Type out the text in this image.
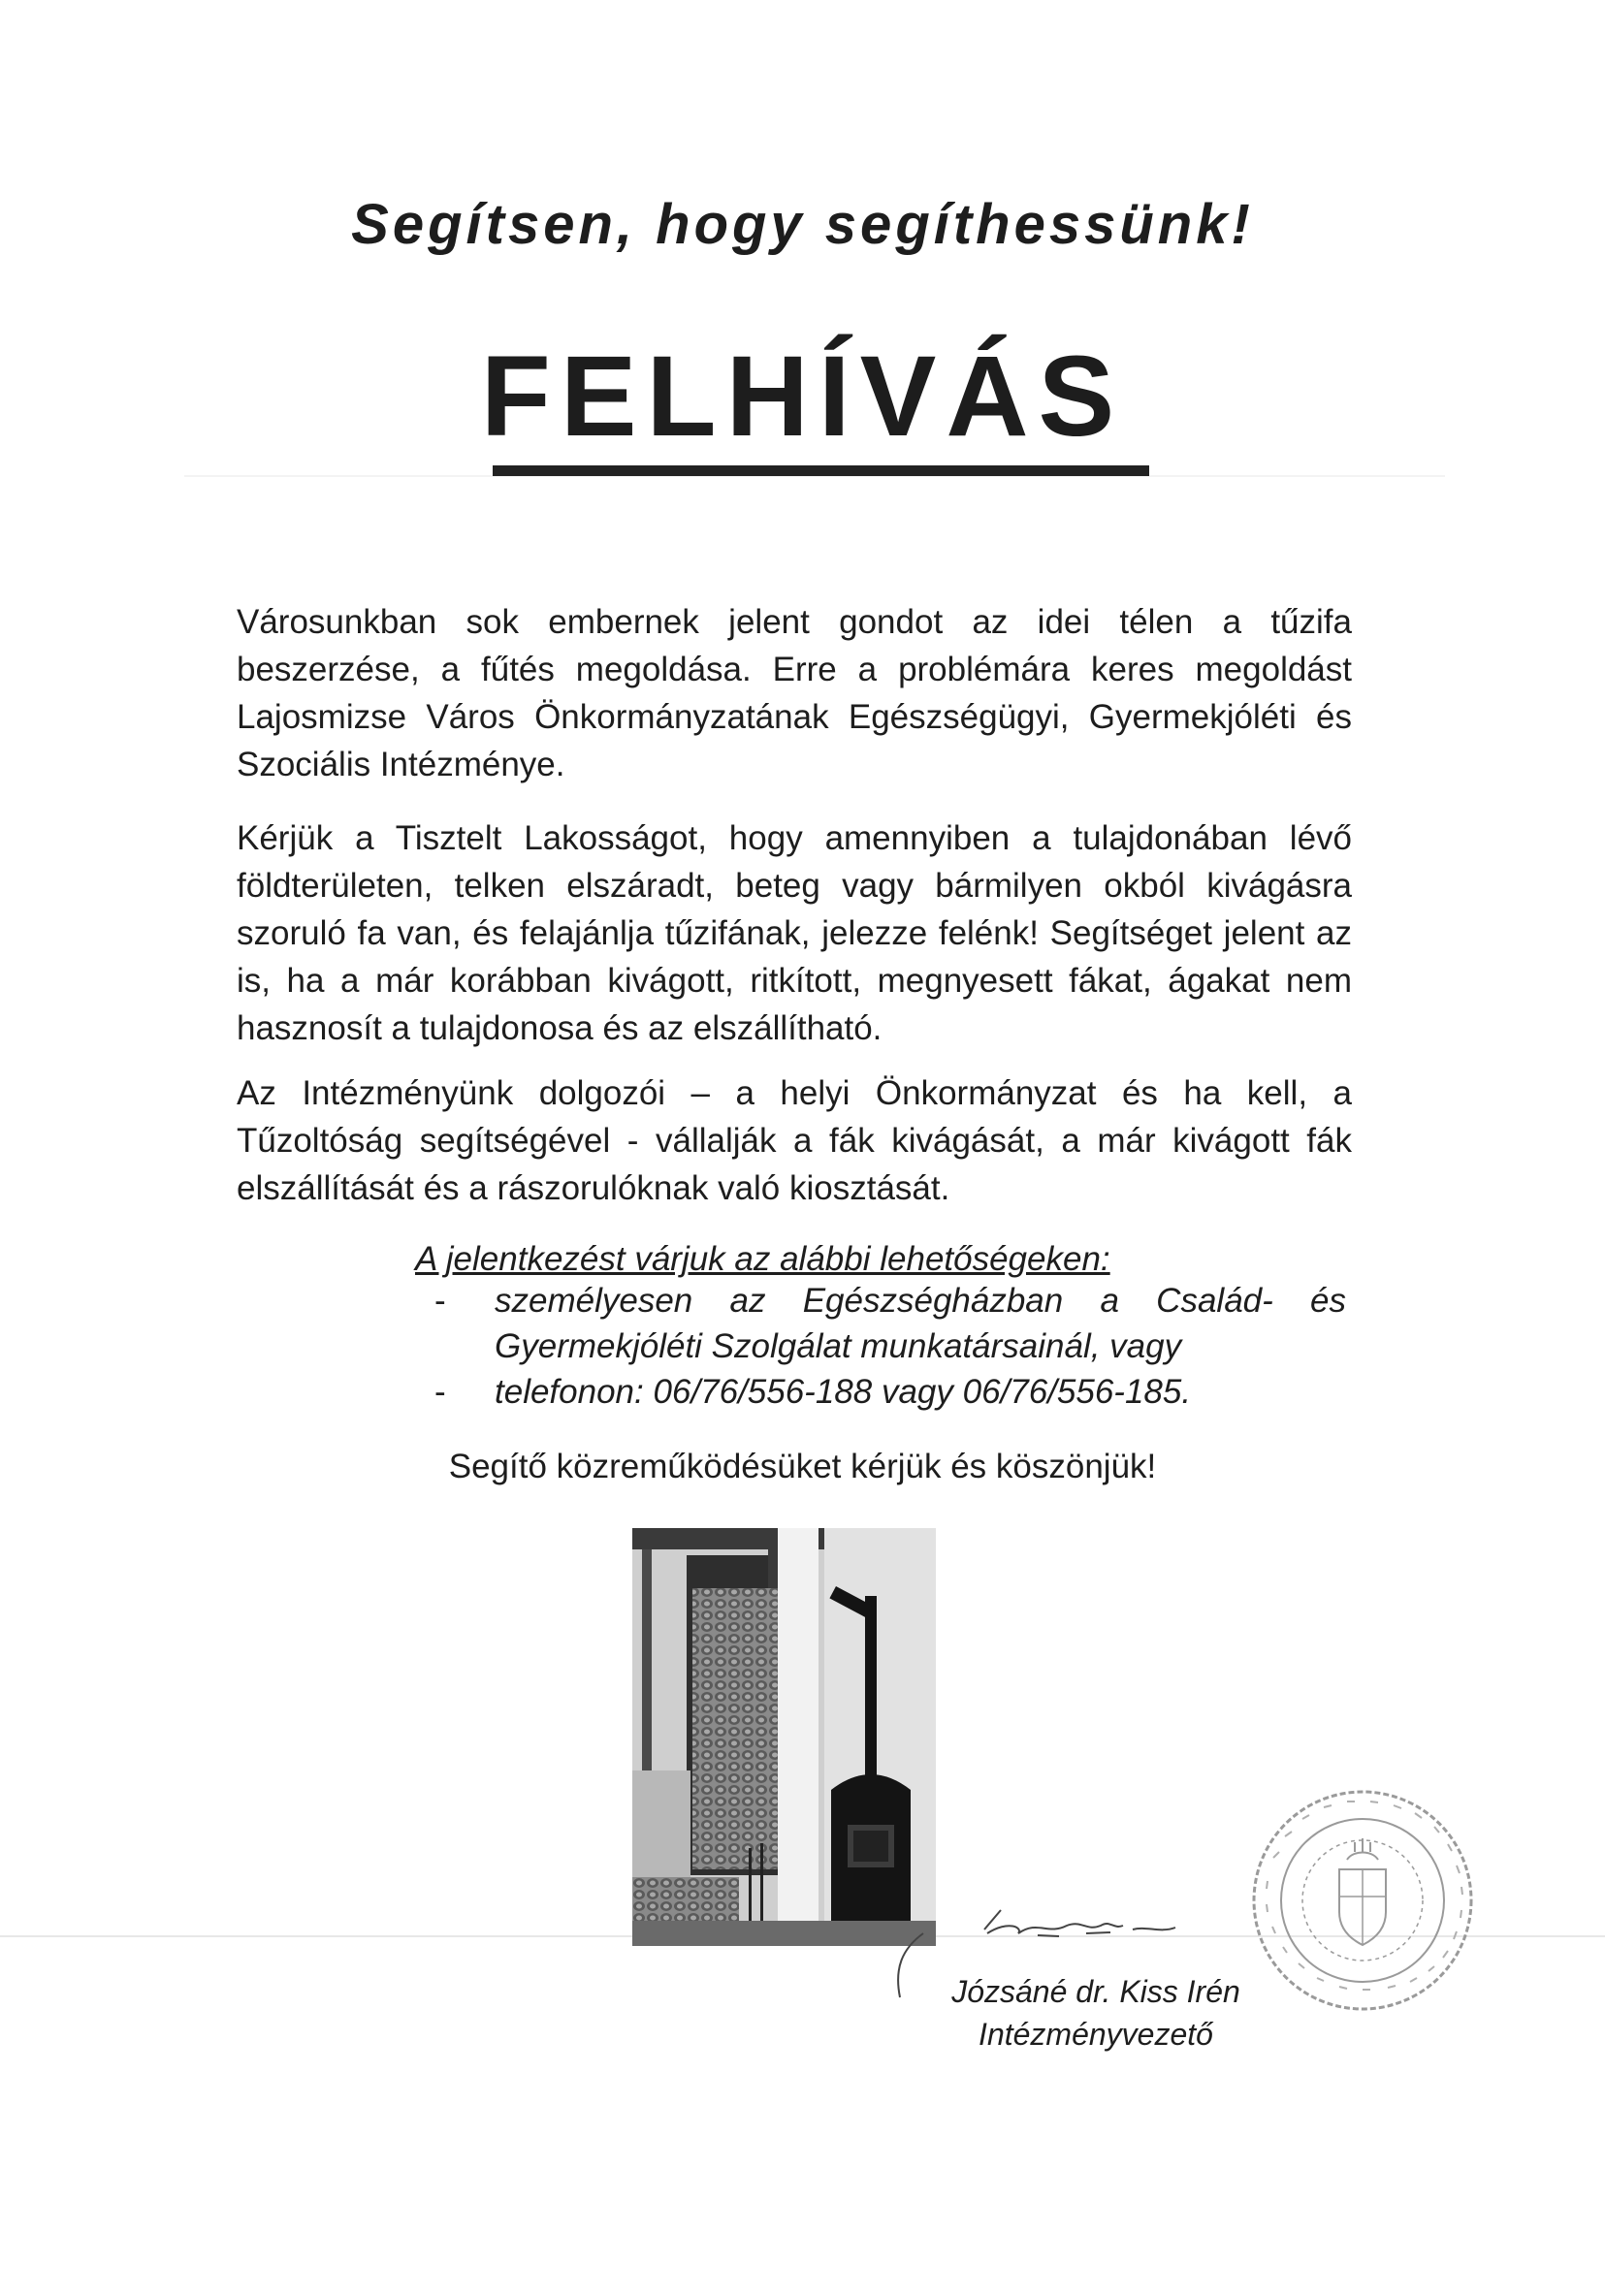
Segítsen, hogy segíthessünk!
FELHÍVÁS
Városunkban sok embernek jelent gondot az idei télen a tűzifa beszerzése, a fűtés megoldása. Erre a problémára keres megoldást Lajosmizse Város Önkormányzatának Egészségügyi, Gyermekjóléti és Szociális Intézménye.
Kérjük a Tisztelt Lakosságot, hogy amennyiben a tulajdonában lévő földterületen, telken elszáradt, beteg vagy bármilyen okból kivágásra szoruló fa van, és felajánlja tűzifának, jelezze felénk! Segítséget jelent az is, ha a már korábban kivágott, ritkított, megnyesett fákat, ágakat nem hasznosít a tulajdonosa és az elszállítható.
Az Intézményünk dolgozói – a helyi Önkormányzat és ha kell, a Tűzoltóság segítségével - vállalják a fák kivágását, a már kivágott fák elszállítását és a rászorulóknak való kiosztását.
A jelentkezést várjuk az alábbi lehetőségeken:
- személyesen az Egészségházban a Család- és Gyermekjóléti Szolgálat munkatársainál, vagy
- telefonon: 06/76/556-188 vagy 06/76/556-185.
Segítő közreműködésüket kérjük és köszönjük!
Józsáné dr. Kiss Irén
Intézményvezető
